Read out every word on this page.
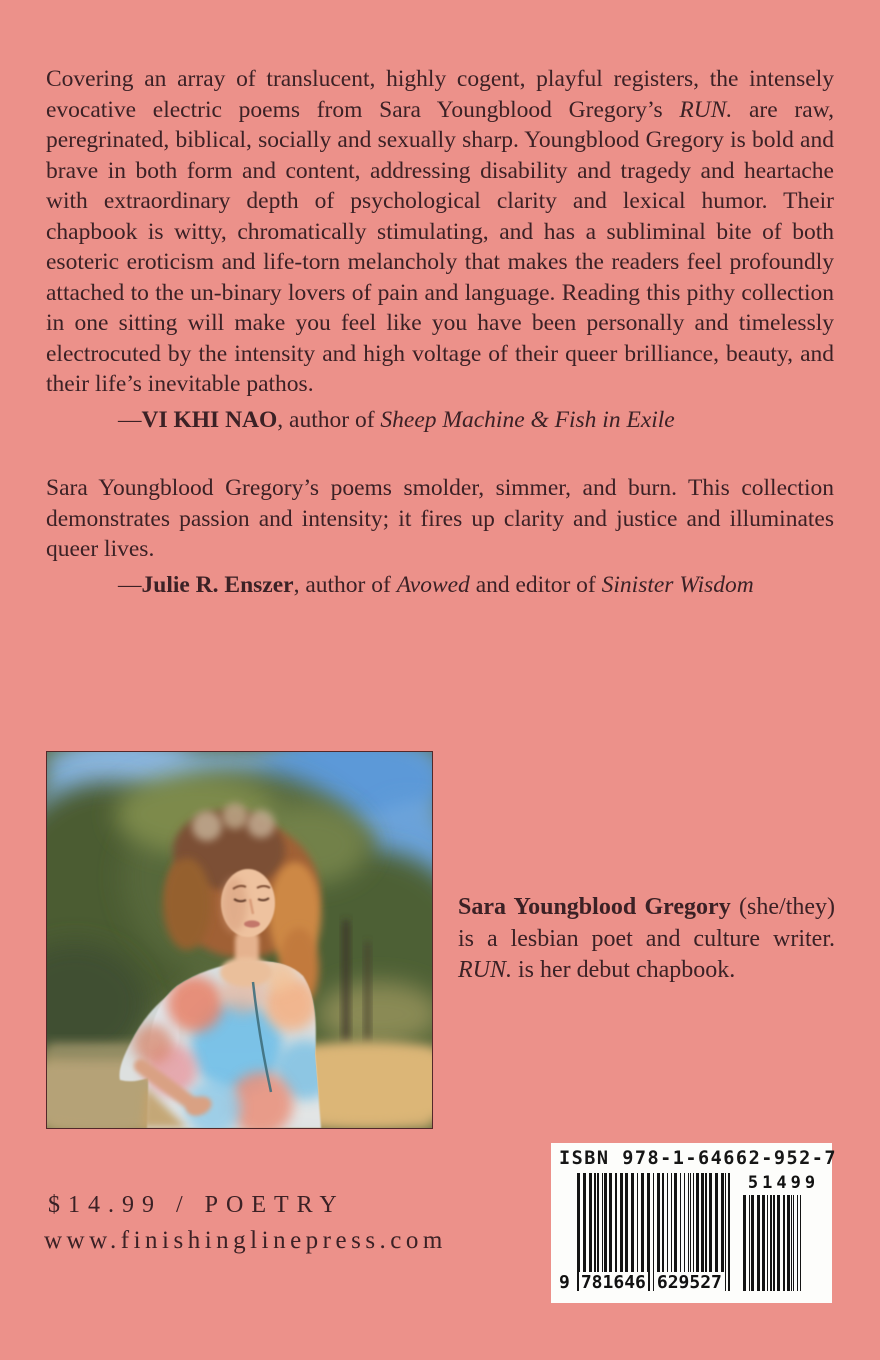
Covering an array of translucent, highly cogent, playful registers, the intensely evocative electric poems from Sara Youngblood Gregory’s RUN. are raw, peregrinated, biblical, socially and sexually sharp. Youngblood Gregory is bold and brave in both form and content, addressing disability and tragedy and heartache with extraordinary depth of psychological clarity and lexical humor. Their chapbook is witty, chromatically stimulating, and has a subliminal bite of both esoteric eroticism and life-torn melancholy that makes the readers feel profoundly attached to the un-binary lovers of pain and language. Reading this pithy collection in one sitting will make you feel like you have been personally and timelessly electrocuted by the intensity and high voltage of their queer brilliance, beauty, and their life’s inevitable pathos.

—VI KHI NAO, author of Sheep Machine & Fish in Exile

Sara Youngblood Gregory’s poems smolder, simmer, and burn. This collection demonstrates passion and intensity; it fires up clarity and justice and illuminates queer lives.

—Julie R. Enszer, author of Avowed and editor of Sinister Wisdom

Sara Youngblood Gregory (she/they) is a lesbian poet and culture writer. RUN. is her debut chapbook.

$14.99 / POETRY
www.finishinglinepress.com
ISBN 978-1-64662-952-7
9 781646 629527
51499
